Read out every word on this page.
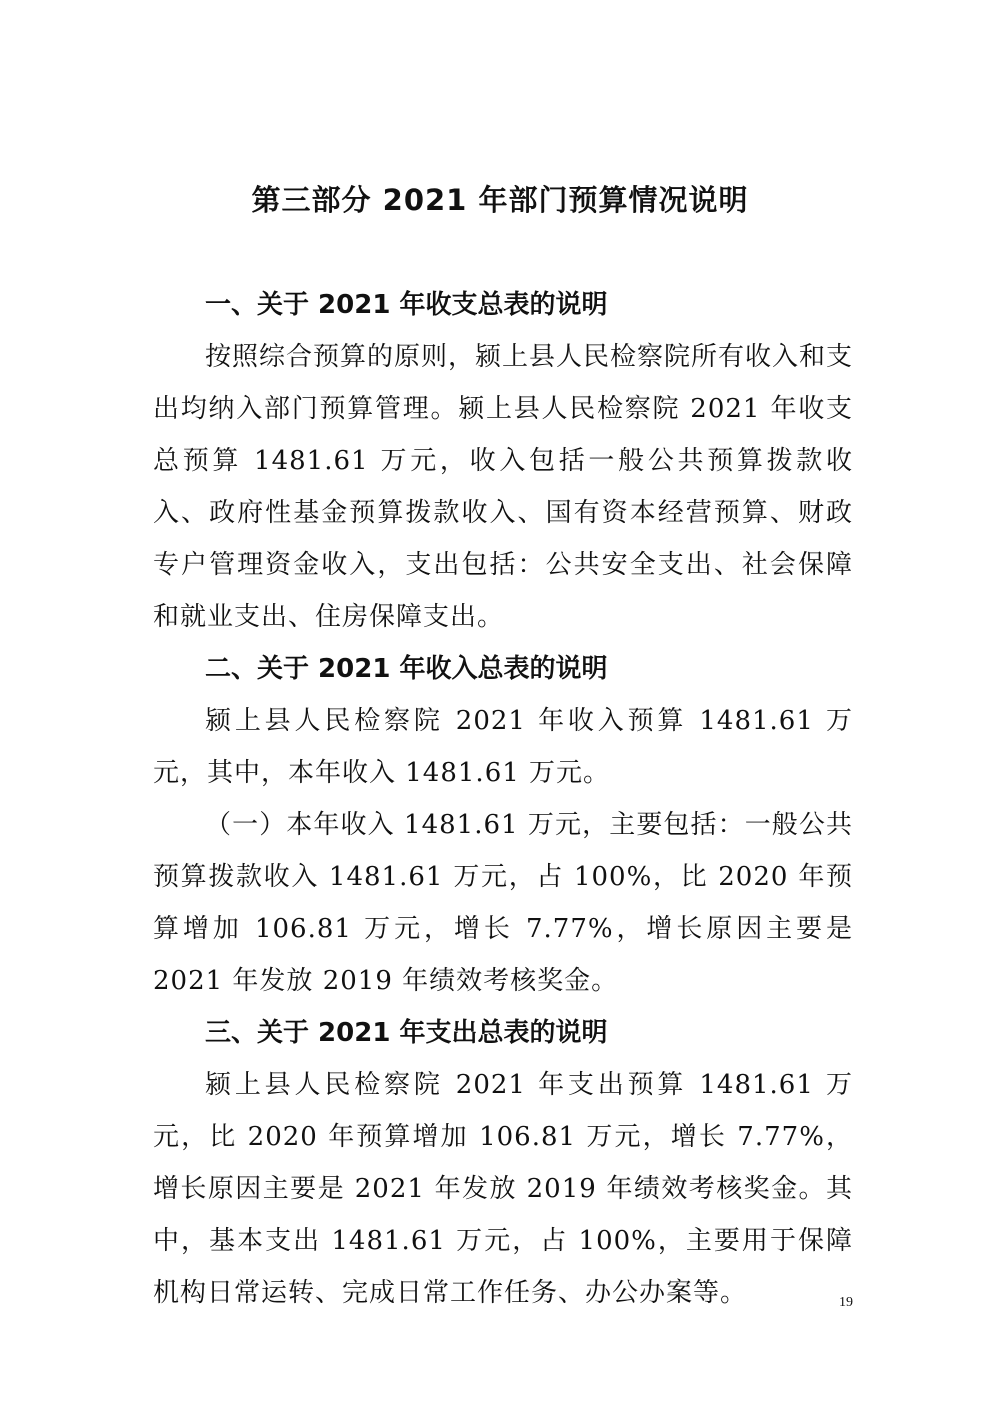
第三部分 2021 年部门预算情况说明
一、关于 2021 年收支总表的说明

按照综合预算的原则，颍上县人民检察院所有收入和支出均纳入部门预算管理。颍上县人民检察院 2021 年收支总预算 1481.61 万元，收入包括一般公共预算拨款收入、政府性基金预算拨款收入、国有资本经营预算、财政专户管理资金收入，支出包括：公共安全支出、社会保障和就业支出、住房保障支出。

二、关于 2021 年收入总表的说明

颍上县人民检察院 2021 年收入预算 1481.61 万元，其中，本年收入 1481.61 万元。

（一）本年收入 1481.61 万元，主要包括：一般公共预算拨款收入 1481.61 万元，占 100%，比 2020 年预算增加 106.81 万元，增长 7.77%，增长原因主要是 2021 年发放 2019 年绩效考核奖金。

三、关于 2021 年支出总表的说明

颍上县人民检察院 2021 年支出预算 1481.61 万元，比 2020 年预算增加 106.81 万元，增长 7.77%，增长原因主要是 2021 年发放 2019 年绩效考核奖金。其中，基本支出 1481.61 万元，占 100%，主要用于保障机构日常运转、完成日常工作任务、办公办案等。	19
